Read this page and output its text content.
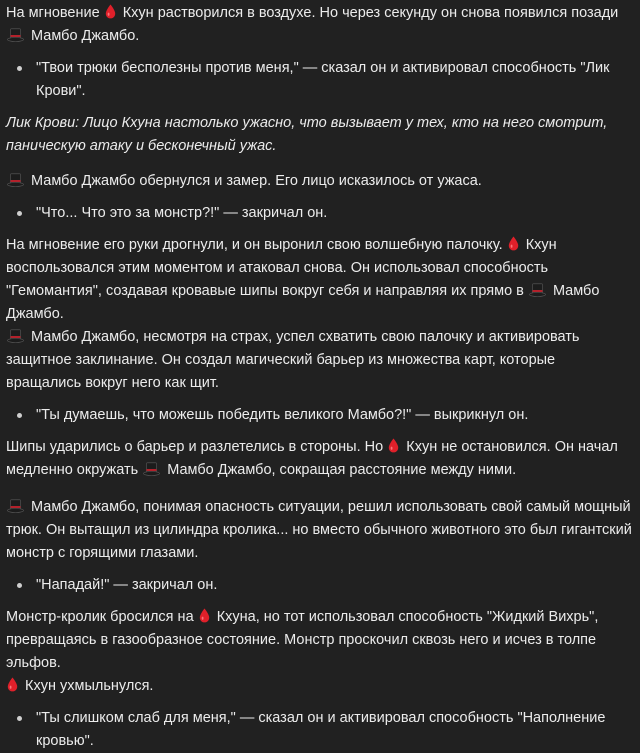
На мгновение Кхун растворился в воздухе. Но через секунду он снова появился позади
Мамбо Джамбо.

"Твои трюки бесполезны против меня," — сказал он и активировал способность "Лик Крови".

Лик Крови: Лицо Кхуна настолько ужасно, что вызывает у тех, кто на него смотрит, паническую атаку и бесконечный ужас.

Мамбо Джамбо обернулся и замер. Его лицо исказилось от ужаса.

"Что... Что это за монстр?!" — закричал он.

На мгновение его руки дрогнули, и он выронил свою волшебную палочку. Кхун воспользовался этим моментом и атаковал снова. Он использовал способность "Гемомантия", создавая кровавые шипы вокруг себя и направляя их прямо в Мамбо Джамбо.

Мамбо Джамбо, несмотря на страх, успел схватить свою палочку и активировать защитное заклинание. Он создал магический барьер из множества карт, которые вращались вокруг него как щит.

"Ты думаешь, что можешь победить великого Мамбо?!" — выкрикнул он.

Шипы ударились о барьер и разлетелись в стороны. Но Кхун не остановился. Он начал медленно окружать Мамбо Джамбо, сокращая расстояние между ними.

Мамбо Джамбо, понимая опасность ситуации, решил использовать свой самый мощный трюк. Он вытащил из цилиндра кролика... но вместо обычного животного это был гигантский монстр с горящими глазами.

"Нападай!" — закричал он.

Монстр-кролик бросился на Кхуна, но тот использовал способность "Жидкий Вихрь", превращаясь в газообразное состояние. Монстр проскочил сквозь него и исчез в толпе эльфов.

Кхун ухмыльнулся.

"Ты слишком слаб для меня," — сказал он и активировал способность "Наполнение кровью".
